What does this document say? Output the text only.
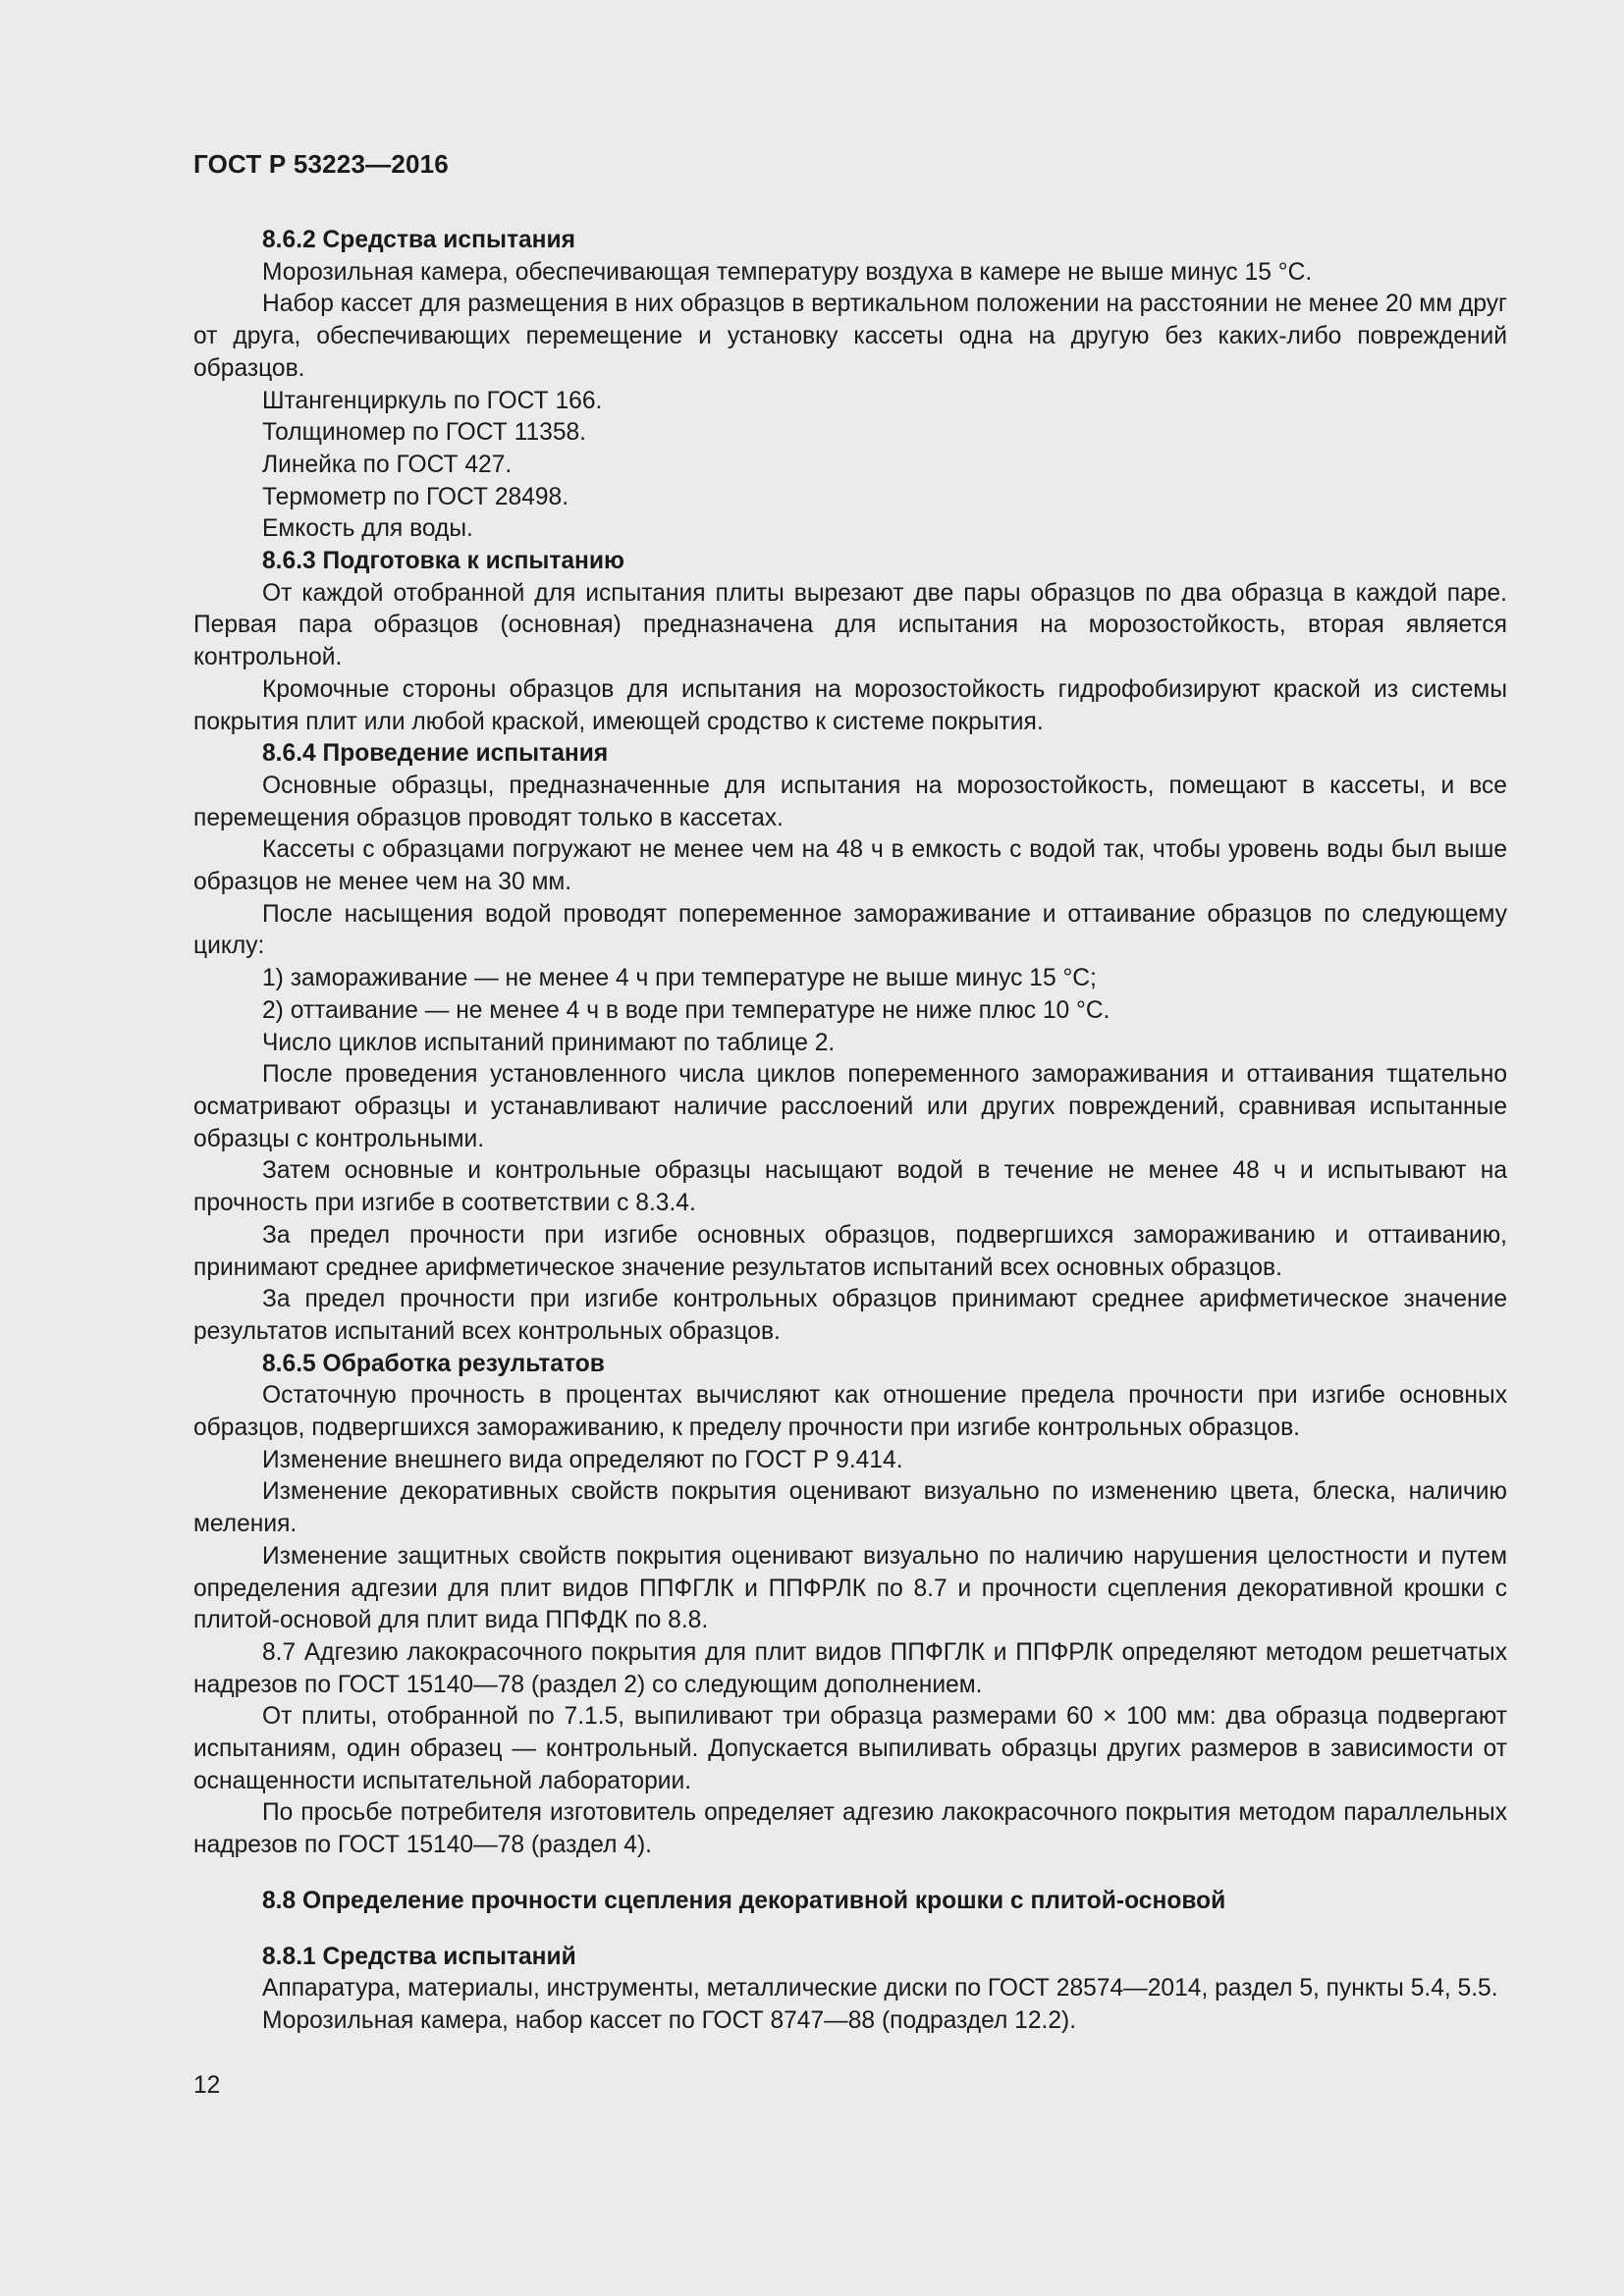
ГОСТ Р 53223—2016

8.6.2 Средства испытания

Морозильная камера, обеспечивающая температуру воздуха в камере не выше минус 15 °С.

Набор кассет для размещения в них образцов в вертикальном положении на расстоянии не менее 20 мм друг от друга, обеспечивающих перемещение и установку кассеты одна на другую без каких-либо повреждений образцов.

Штангенциркуль по ГОСТ 166.

Толщиномер по ГОСТ 11358.

Линейка по ГОСТ 427.

Термометр по ГОСТ 28498.

Емкость для воды.

8.6.3 Подготовка к испытанию

От каждой отобранной для испытания плиты вырезают две пары образцов по два образца в каждой паре. Первая пара образцов (основная) предназначена для испытания на морозостойкость, вторая является контрольной.

Кромочные стороны образцов для испытания на морозостойкость гидрофобизируют краской из системы покрытия плит или любой краской, имеющей сродство к системе покрытия.

8.6.4 Проведение испытания

Основные образцы, предназначенные для испытания на морозостойкость, помещают в кассеты, и все перемещения образцов проводят только в кассетах.

Кассеты с образцами погружают не менее чем на 48 ч в емкость с водой так, чтобы уровень воды был выше образцов не менее чем на 30 мм.

После насыщения водой проводят попеременное замораживание и оттаивание образцов по следующему циклу:

1) замораживание — не менее 4 ч при температуре не выше минус 15 °С;

2) оттаивание — не менее 4 ч в воде при температуре не ниже плюс 10 °С.

Число циклов испытаний принимают по таблице 2.

После проведения установленного числа циклов попеременного замораживания и оттаивания тщательно осматривают образцы и устанавливают наличие расслоений или других повреждений, сравнивая испытанные образцы с контрольными.

Затем основные и контрольные образцы насыщают водой в течение не менее 48 ч и испытывают на прочность при изгибе в соответствии с 8.3.4.

За предел прочности при изгибе основных образцов, подвергшихся замораживанию и оттаиванию, принимают среднее арифметическое значение результатов испытаний всех основных образцов.

За предел прочности при изгибе контрольных образцов принимают среднее арифметическое значение результатов испытаний всех контрольных образцов.

8.6.5 Обработка результатов

Остаточную прочность в процентах вычисляют как отношение предела прочности при изгибе основных образцов, подвергшихся замораживанию, к пределу прочности при изгибе контрольных образцов.

Изменение внешнего вида определяют по ГОСТ Р 9.414.

Изменение декоративных свойств покрытия оценивают визуально по изменению цвета, блеска, наличию меления.

Изменение защитных свойств покрытия оценивают визуально по наличию нарушения целостности и путем определения адгезии для плит видов ППФГЛК и ППФРЛК по 8.7 и прочности сцепления декоративной крошки с плитой-основой для плит вида ППФДК по 8.8.

8.7 Адгезию лакокрасочного покрытия для плит видов ППФГЛК и ППФРЛК определяют методом решетчатых надрезов по ГОСТ 15140—78 (раздел 2) со следующим дополнением.

От плиты, отобранной по 7.1.5, выпиливают три образца размерами 60 × 100 мм: два образца подвергают испытаниям, один образец — контрольный. Допускается выпиливать образцы других размеров в зависимости от оснащенности испытательной лаборатории.

По просьбе потребителя изготовитель определяет адгезию лакокрасочного покрытия методом параллельных надрезов по ГОСТ 15140—78 (раздел 4).

8.8 Определение прочности сцепления декоративной крошки с плитой-основой

8.8.1 Средства испытаний

Аппаратура, материалы, инструменты, металлические диски по ГОСТ 28574—2014, раздел 5, пункты 5.4, 5.5.

Морозильная камера, набор кассет по ГОСТ 8747—88 (подраздел 12.2).

12
